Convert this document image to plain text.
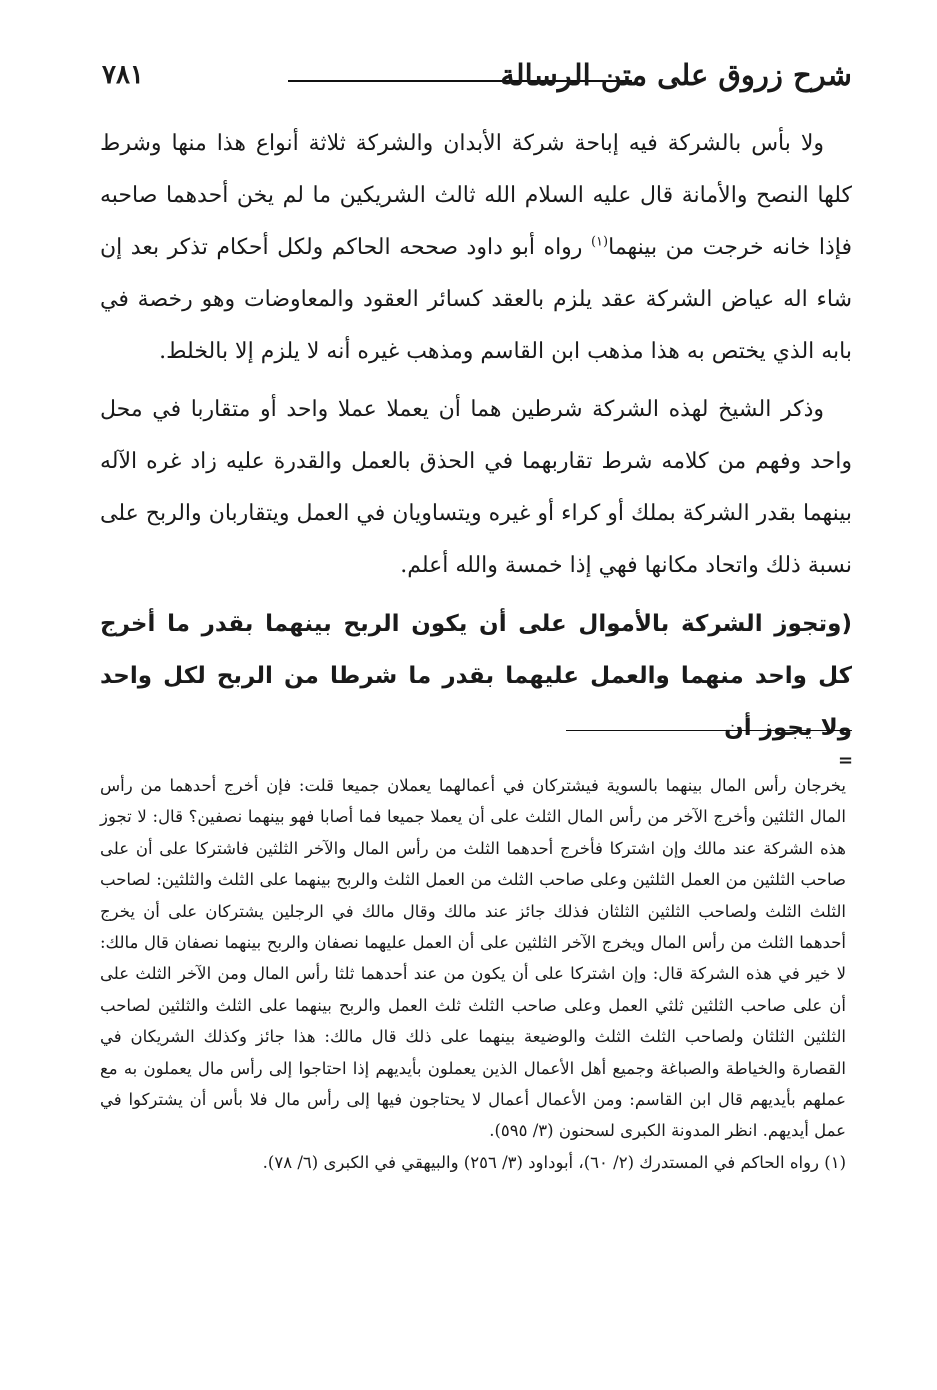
٧٨١	شرح زروق على متن الرسالة

ولا بأس بالشركة فيه إباحة شركة الأبدان والشركة ثلاثة أنواع هذا منها وشرط كلها النصح والأمانة قال عليه السلام الله ثالث الشريكين ما لم يخن أحدهما صاحبه فإذا خانه خرجت من بينهما$^{(١)}$ رواه أبو داود صححه الحاكم ولكل أحكام تذكر بعد إن شاء اله عياض الشركة عقد يلزم بالعقد كسائر العقود والمعاوضات وهو رخصة في بابه الذي يختص به هذا مذهب ابن القاسم ومذهب غيره أنه لا يلزم إلا بالخلط.

وذكر الشيخ لهذه الشركة شرطين هما أن يعملا عملا واحد أو متقاربا في محل واحد وفهم من كلامه شرط تقاربهما في الحذق بالعمل والقدرة عليه زاد غره الآله بينهما بقدر الشركة بملك أو كراء أو غيره ويتساويان في العمل ويتقاربان والربح على نسبة ذلك واتحاد مكانها فهي إذا خمسة والله أعلم.

(وتجوز الشركة بالأموال على أن يكون الربح بينهما بقدر ما أخرج كل واحد منهما والعمل عليهما بقدر ما شرطا من الربح لكل واحد ولا يجوز أن

=

يخرجان رأس المال بينهما بالسوية فيشتركان في أعمالهما يعملان جميعا قلت: فإن أخرج أحدهما من رأس المال الثلثين وأخرج الآخر من رأس المال الثلث على أن يعملا جميعا فما أصابا فهو بينهما نصفين؟ قال: لا تجوز هذه الشركة عند مالك وإن اشتركا فأخرج أحدهما الثلث من رأس المال والآخر الثلثين فاشتركا على أن على صاحب الثلثين من العمل الثلثين وعلى صاحب الثلث من العمل الثلث والربح بينهما على الثلث والثلثين: لصاحب الثلث الثلث ولصاحب الثلثين الثلثان فذلك جائز عند مالك وقال مالك في الرجلين يشتركان على أن يخرج أحدهما الثلث من رأس المال ويخرج الآخر الثلثين على أن العمل عليهما نصفان والربح بينهما نصفان قال مالك: لا خير في هذه الشركة قال: وإن اشتركا على أن يكون من عند أحدهما ثلثا رأس المال ومن الآخر الثلث على أن على صاحب الثلثين ثلثي العمل وعلى صاحب الثلث ثلث العمل والربح بينهما على الثلث والثلثين لصاحب الثلثين الثلثان ولصاحب الثلث الثلث والوضيعة بينهما على ذلك قال مالك: هذا جائز وكذلك الشريكان في القصارة والخياطة والصباغة وجميع أهل الأعمال الذين يعملون بأيديهم إذا احتاجوا إلى رأس مال يعملون به مع عملهم بأيديهم قال ابن القاسم: ومن الأعمال أعمال لا يحتاجون فيها إلى رأس مال فلا بأس أن يشتركوا في عمل أيديهم. انظر المدونة الكبرى لسحنون (٣/ ٥٩٥).

(١) رواه الحاكم في المستدرك (٢/ ٦٠)، أبوداود (٣/ ٢٥٦) والبيهقي في الكبرى (٦/ ٧٨).
